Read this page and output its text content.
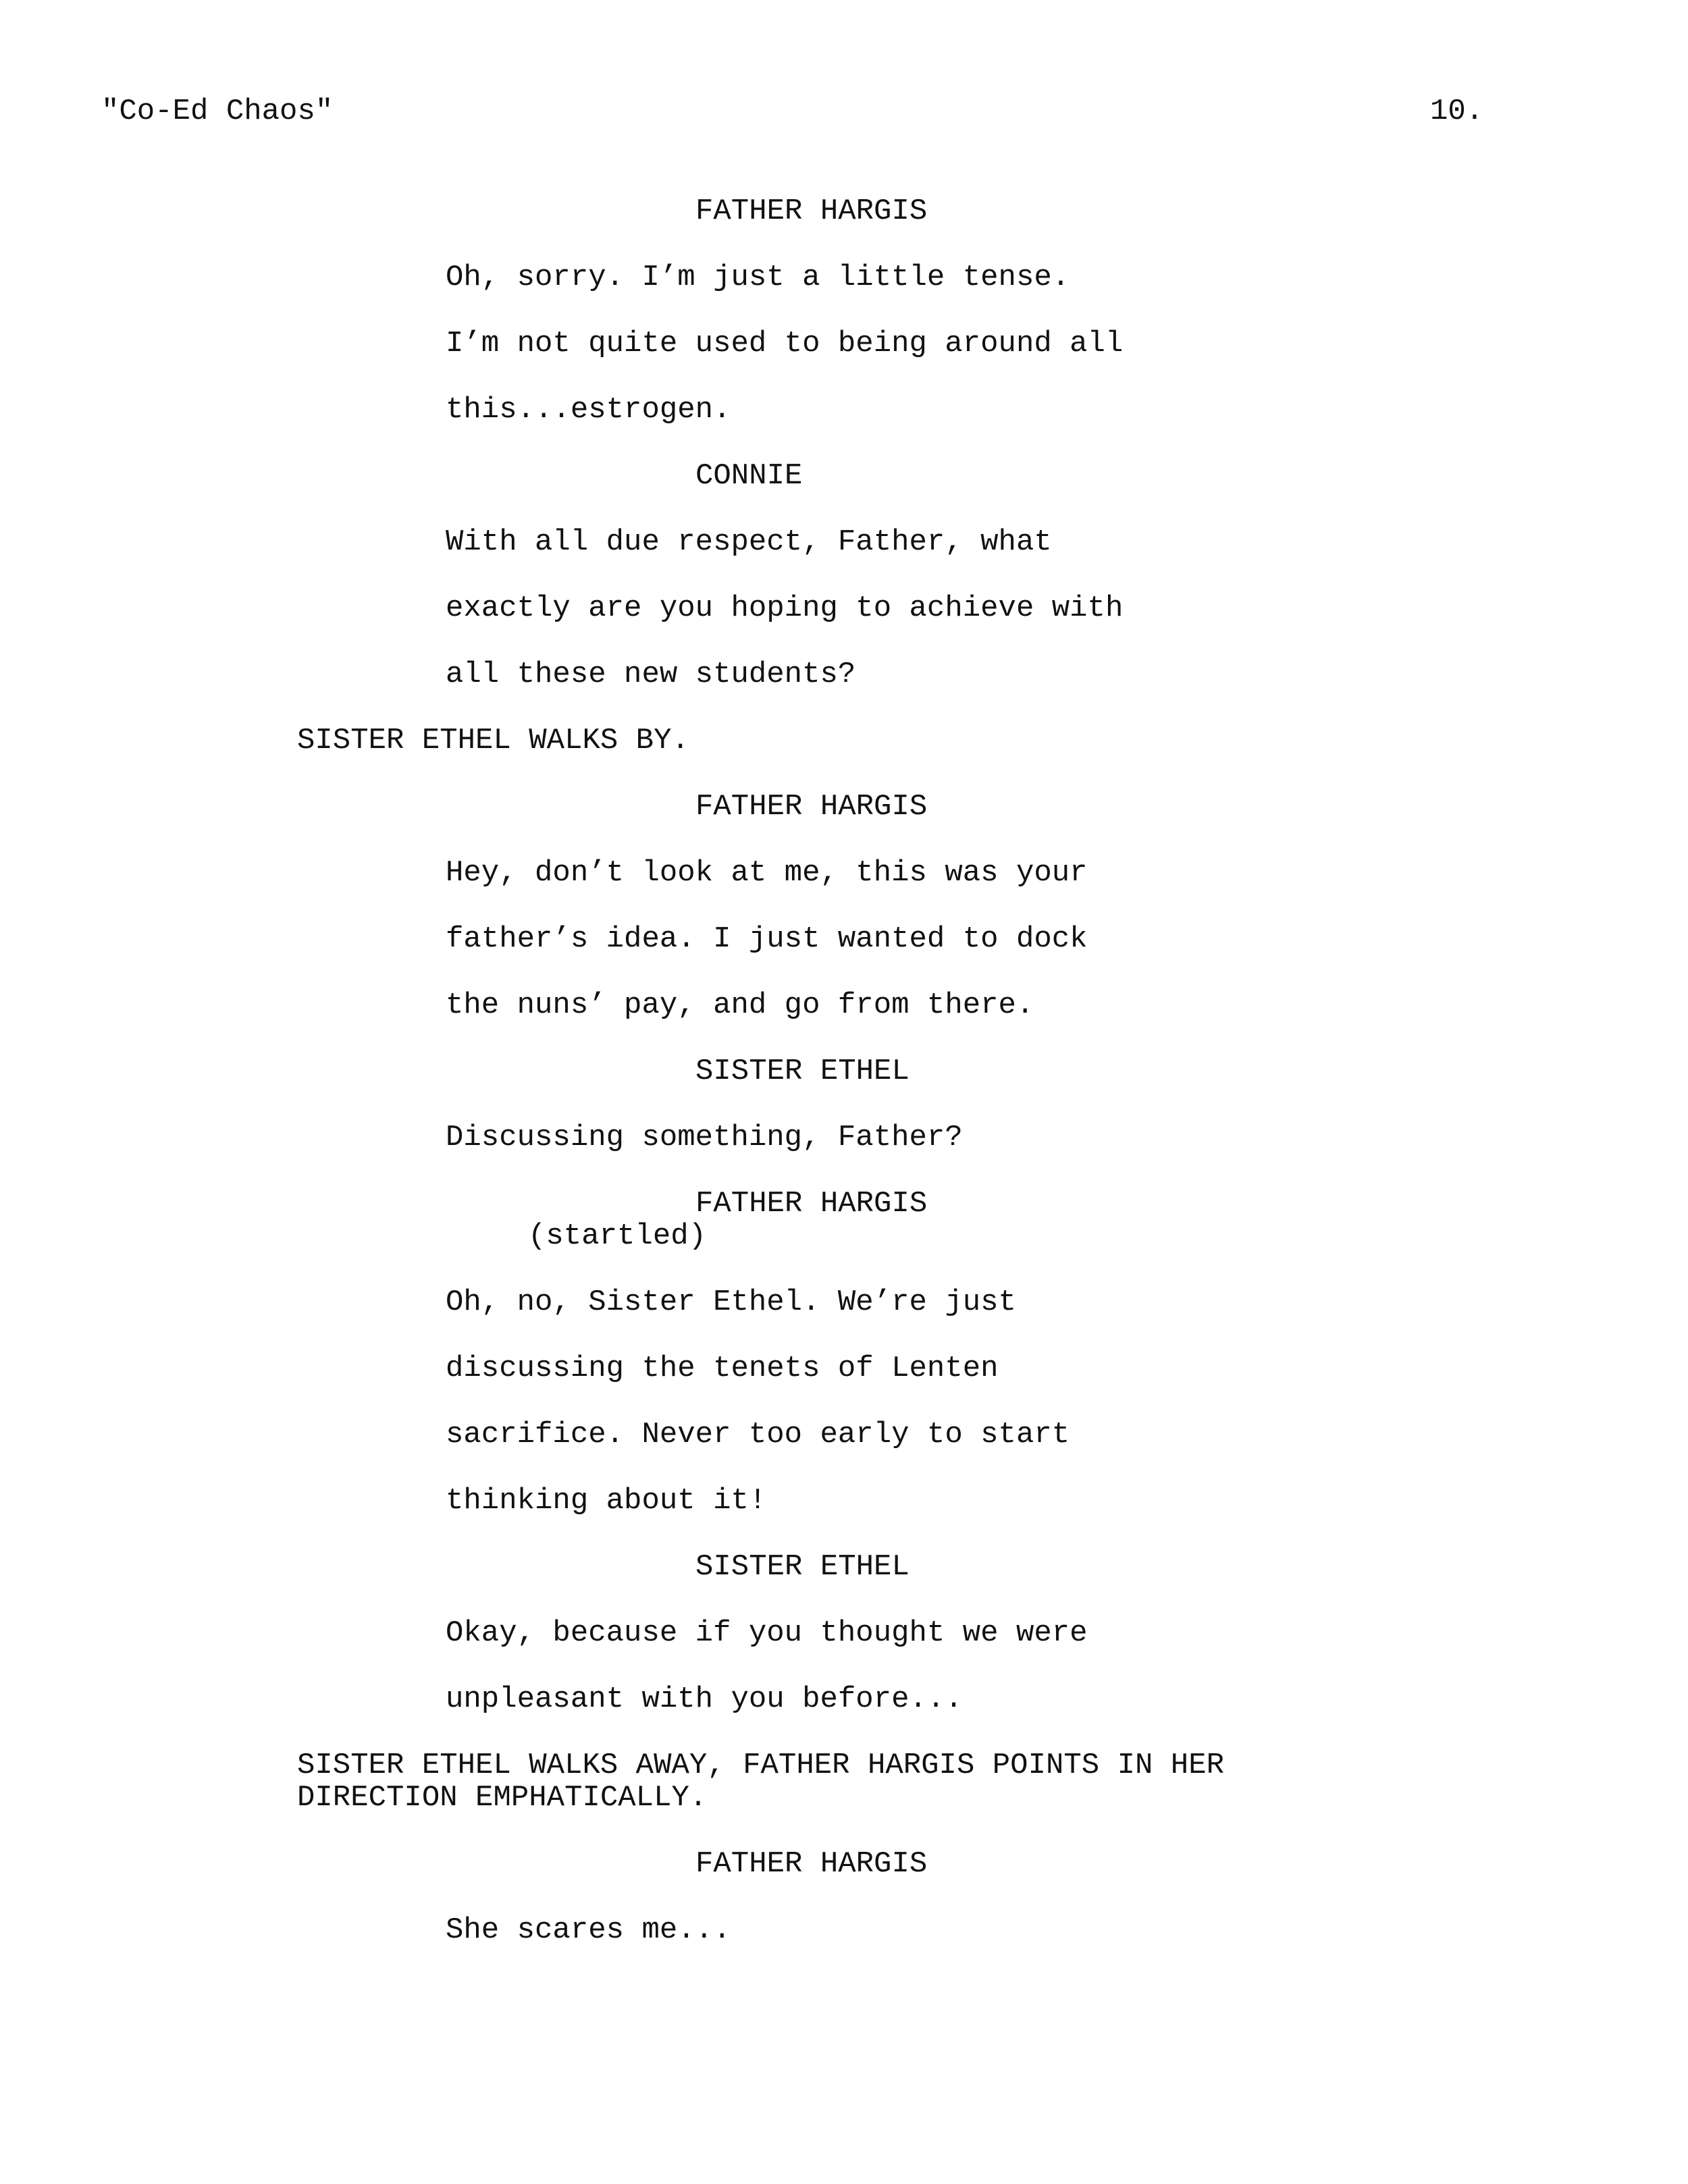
"Co-Ed Chaos"	10.
FATHER HARGIS
Oh, sorry. I’m just a little tense.
I’m not quite used to being around all
this...estrogen.
CONNIE
With all due respect, Father, what
exactly are you hoping to achieve with
all these new students?
SISTER ETHEL WALKS BY.
FATHER HARGIS
Hey, don’t look at me, this was your
father’s idea. I just wanted to dock
the nuns’ pay, and go from there.
SISTER ETHEL
Discussing something, Father?
FATHER HARGIS
(startled)
Oh, no, Sister Ethel. We’re just
discussing the tenets of Lenten
sacrifice. Never too early to start
thinking about it!
SISTER ETHEL
Okay, because if you thought we were
unpleasant with you before...
SISTER ETHEL WALKS AWAY, FATHER HARGIS POINTS IN HER
DIRECTION EMPHATICALLY.
FATHER HARGIS
She scares me...
